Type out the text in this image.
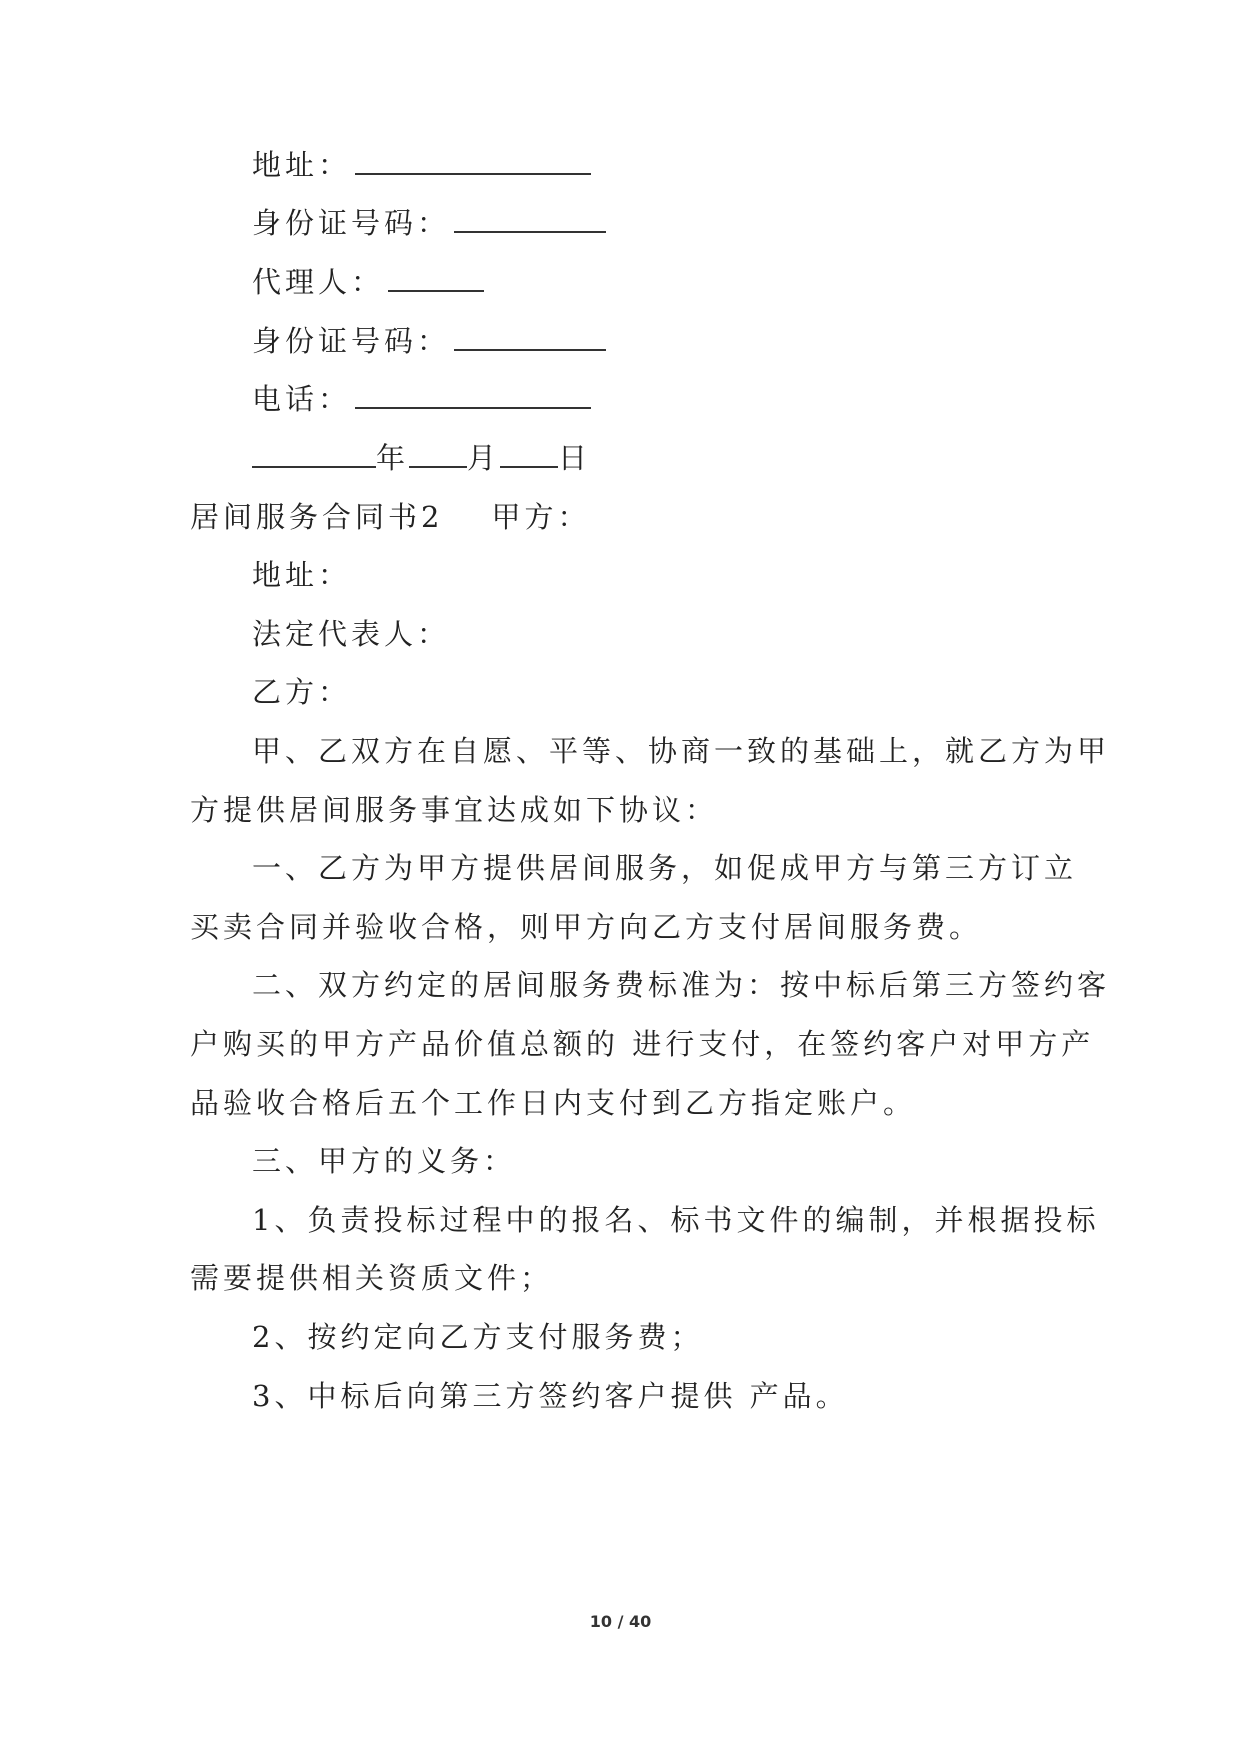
地址：
身份证号码：
代理人：
身份证号码：
电话：
年 月 日
居间服务合同书2 甲方：
地址：
法定代表人：
乙方：
甲、乙双方在自愿、平等、协商一致的基础上，就乙方为甲
方提供居间服务事宜达成如下协议：
一、乙方为甲方提供居间服务，如促成甲方与第三方订立
买卖合同并验收合格，则甲方向乙方支付居间服务费。
二、双方约定的居间服务费标准为：按中标后第三方签约客
户购买的甲方产品价值总额的 进行支付，在签约客户对甲方产
品验收合格后五个工作日内支付到乙方指定账户。
三、甲方的义务：
1、负责投标过程中的报名、标书文件的编制，并根据投标
需要提供相关资质文件；
2、按约定向乙方支付服务费；
3、中标后向第三方签约客户提供 产品。
10 / 40
